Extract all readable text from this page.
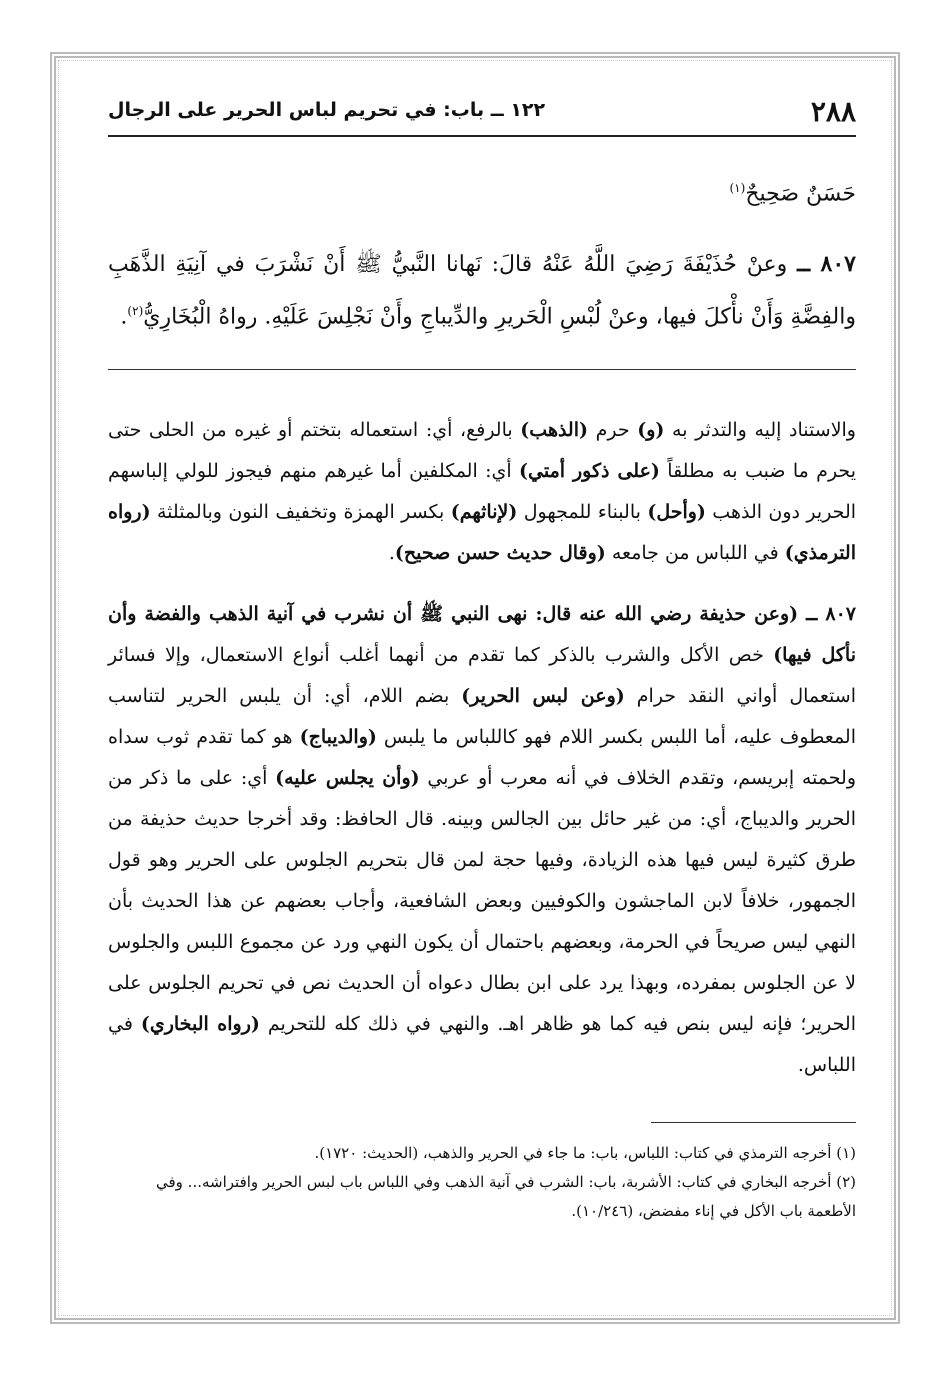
٢٨٨
١٢٢ ــ باب: في تحريم لباس الحرير على الرجال

حَسَنٌ صَحِيحٌ$^{(١)}$

٨٠٧ ــ وعنْ حُذَيْفَةَ رَضِيَ اللَّهُ عَنْهُ قالَ: نَهانا النَّبيُّ ﷺ أَنْ نَشْرَبَ في آنِيَةِ الذَّهَبِ والفِضَّةِ وَأَنْ نأْكلَ فيها، وعنْ لُبْسِ الْحَريرِ والدِّيباجِ وأَنْ نَجْلِسَ عَلَيْهِ. رواهُ الْبُخَارِيُّ$^{(٢)}$.

والاستناد إليه والتدثر به (و) حرم (الذهب) بالرفع، أي: استعماله بتختم أو غيره من الحلى حتى يحرم ما ضبب به مطلقاً (على ذكور أمتي) أي: المكلفين أما غيرهم منهم فيجوز للولي إلباسهم الحرير دون الذهب (وأحل) بالبناء للمجهول (لإناثهم) بكسر الهمزة وتخفيف النون وبالمثلثة (رواه الترمذي) في اللباس من جامعه (وقال حديث حسن صحيح).

٨٠٧ ــ (وعن حذيفة رضي الله عنه قال: نهى النبي ﷺ أن نشرب في آنية الذهب والفضة وأن نأكل فيها) خص الأكل والشرب بالذكر كما تقدم من أنهما أغلب أنواع الاستعمال، وإلا فسائر استعمال أواني النقد حرام (وعن لبس الحرير) بضم اللام، أي: أن يلبس الحرير لتناسب المعطوف عليه، أما اللبس بكسر اللام فهو كاللباس ما يلبس (والديباج) هو كما تقدم ثوب سداه ولحمته إبريسم، وتقدم الخلاف في أنه معرب أو عربي (وأن يجلس عليه) أي: على ما ذكر من الحرير والديباج، أي: من غير حائل بين الجالس وبينه. قال الحافظ: وقد أخرجا حديث حذيفة من طرق كثيرة ليس فيها هذه الزيادة، وفيها حجة لمن قال بتحريم الجلوس على الحرير وهو قول الجمهور، خلافاً لابن الماجشون والكوفيين وبعض الشافعية، وأجاب بعضهم عن هذا الحديث بأن النهي ليس صريحاً في الحرمة، وبعضهم باحتمال أن يكون النهي ورد عن مجموع اللبس والجلوس لا عن الجلوس بمفرده، وبهذا يرد على ابن بطال دعواه أن الحديث نص في تحريم الجلوس على الحرير؛ فإنه ليس بنص فيه كما هو ظاهر اهـ. والنهي في ذلك كله للتحريم (رواه البخاري) في اللباس.

(١) أخرجه الترمذي في كتاب: اللباس، باب: ما جاء في الحرير والذهب، (الحديث: ١٧٢٠).

(٢) أخرجه البخاري في كتاب: الأشربة، باب: الشرب في آنية الذهب وفي اللباس باب لبس الحرير وافتراشه... وفي الأطعمة باب الأكل في إناء مفضض، (١٠/٢٤٦).
